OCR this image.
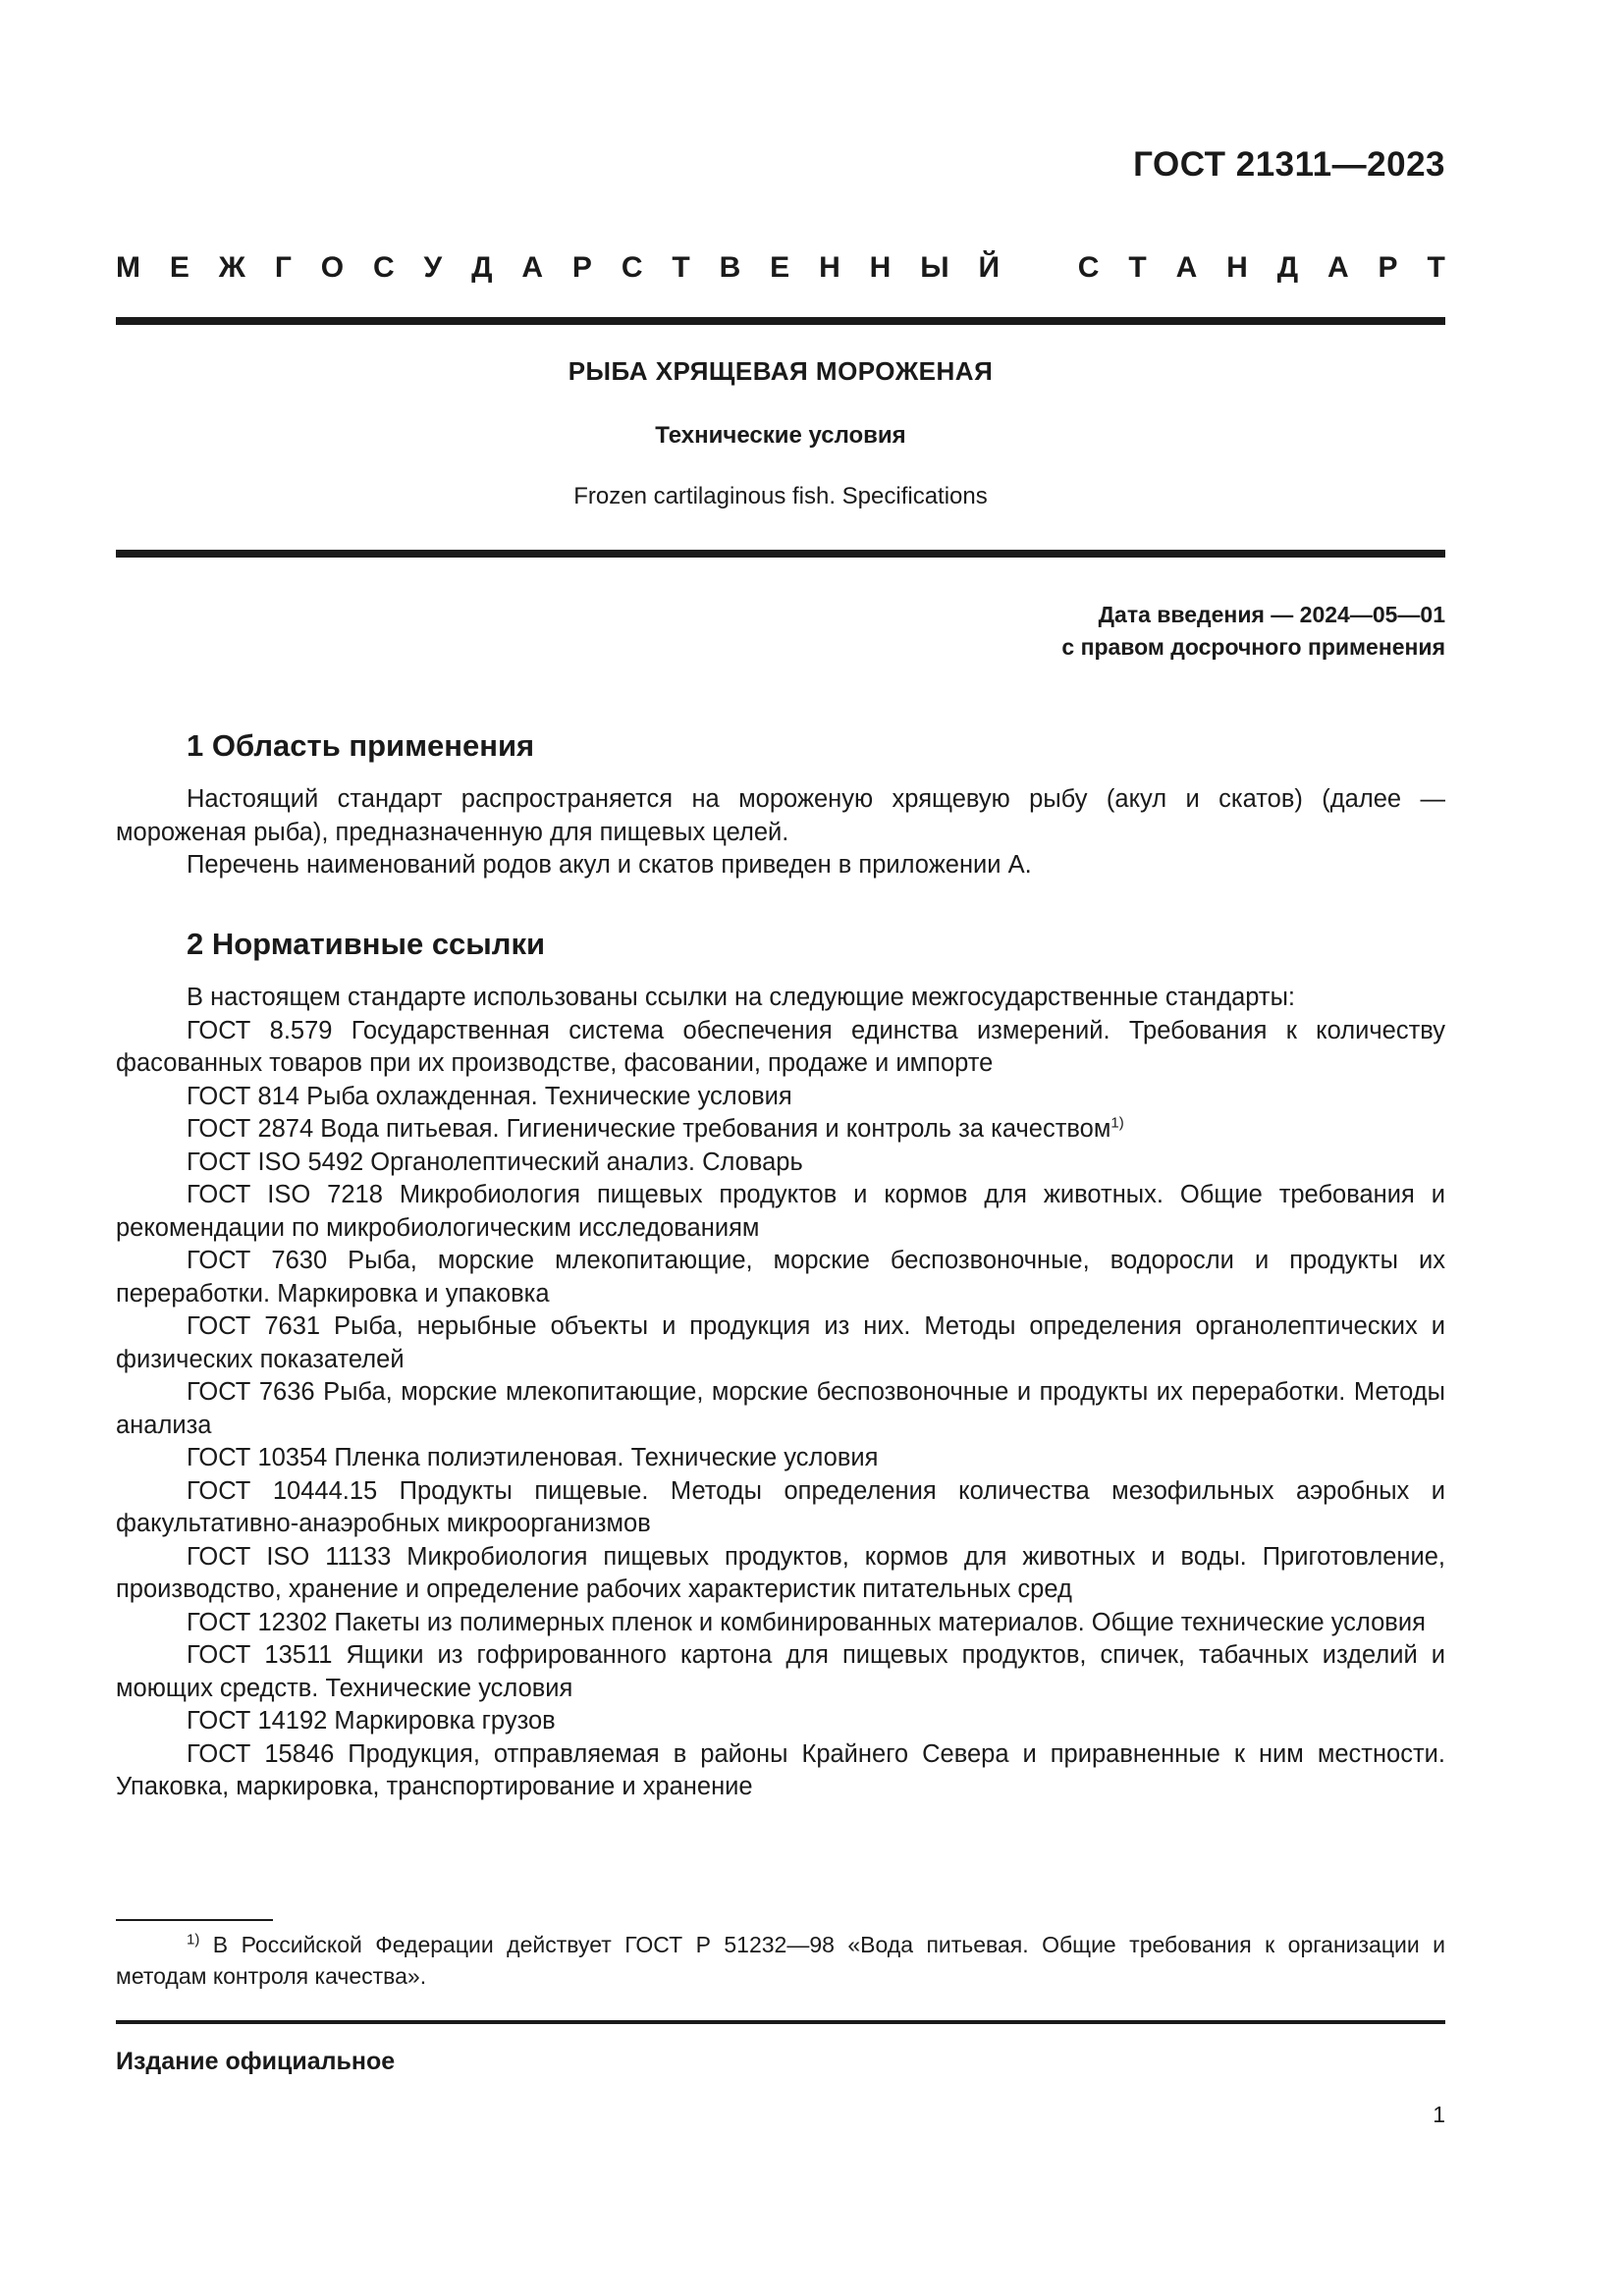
ГОСТ 21311—2023
М Е Ж Г О С У Д А Р С Т В Е Н Н Ы Й	С Т А Н Д А Р Т
РЫБА ХРЯЩЕВАЯ МОРОЖЕНАЯ
Технические условия
Frozen cartilaginous fish. Specifications
Дата введения — 2024—05—01
с правом досрочного применения
1 Область применения

Настоящий стандарт распространяется на мороженую хрящевую рыбу (акул и скатов) (далее — мороженая рыба), предназначенную для пищевых целей.

Перечень наименований родов акул и скатов приведен в приложении А.

2 Нормативные ссылки

В настоящем стандарте использованы ссылки на следующие межгосударственные стандарты:

ГОСТ 8.579 Государственная система обеспечения единства измерений. Требования к количеству фасованных товаров при их производстве, фасовании, продаже и импорте

ГОСТ 814 Рыба охлажденная. Технические условия

ГОСТ 2874 Вода питьевая. Гигиенические требования и контроль за качеством$^{1)}$

ГОСТ ISO 5492 Органолептический анализ. Словарь

ГОСТ ISO 7218 Микробиология пищевых продуктов и кормов для животных. Общие требования и рекомендации по микробиологическим исследованиям

ГОСТ 7630 Рыба, морские млекопитающие, морские беспозвоночные, водоросли и продукты их переработки. Маркировка и упаковка

ГОСТ 7631 Рыба, нерыбные объекты и продукция из них. Методы определения органолептических и физических показателей

ГОСТ 7636 Рыба, морские млекопитающие, морские беспозвоночные и продукты их переработки. Методы анализа

ГОСТ 10354 Пленка полиэтиленовая. Технические условия

ГОСТ 10444.15 Продукты пищевые. Методы определения количества мезофильных аэробных и факультативно-анаэробных микроорганизмов

ГОСТ ISO 11133 Микробиология пищевых продуктов, кормов для животных и воды. Приготовление, производство, хранение и определение рабочих характеристик питательных сред

ГОСТ 12302 Пакеты из полимерных пленок и комбинированных материалов. Общие технические условия

ГОСТ 13511 Ящики из гофрированного картона для пищевых продуктов, спичек, табачных изделий и моющих средств. Технические условия

ГОСТ 14192 Маркировка грузов

ГОСТ 15846 Продукция, отправляемая в районы Крайнего Севера и приравненные к ним местности. Упаковка, маркировка, транспортирование и хранение

$^{1)}$ В Российской Федерации действует ГОСТ Р 51232—98 «Вода питьевая. Общие требования к организации и методам контроля качества».
Издание официальное
1
